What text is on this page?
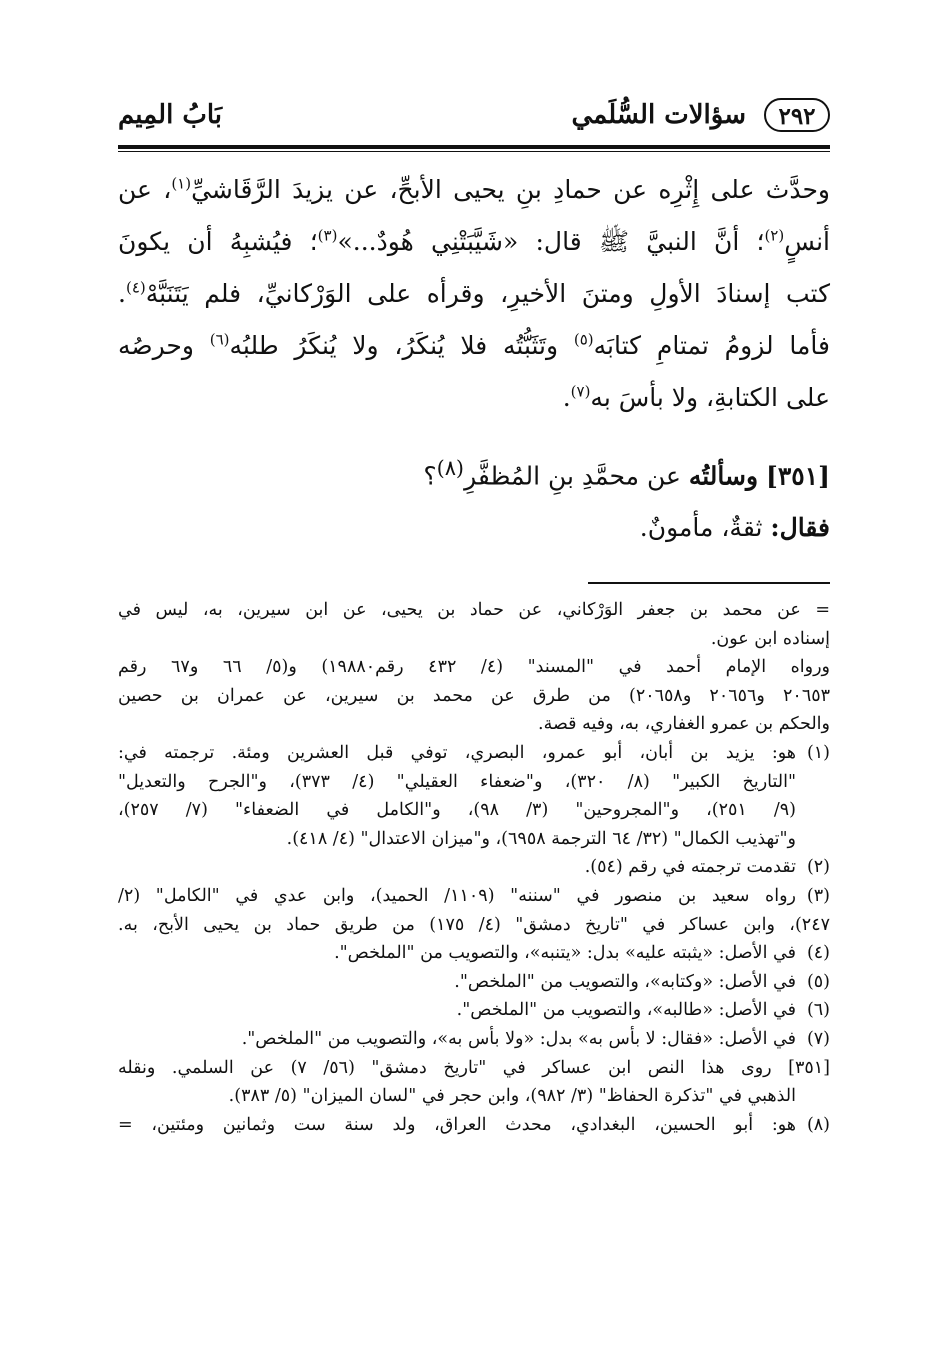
٢٩٢
سؤالات السُّلَمي
بَابُ المِيم
وحدَّث على إِثْرِه عن حمادِ بنِ يحيى الأبحِّ، عن يزيدَ الرَّقَاشيِّ$^{(١)}$، عن
أنسٍ$^{(٢)}$؛ أنَّ النبيَّ ﷺ قال: «شَيَّبَتْنِي هُودٌ...»$^{(٣)}$؛ فيُشبِهُ أن يكونَ
كتب إسنادَ الأولِ ومتنَ الأخيرِ، وقرأه على الوَرْكانيِّ، فلم يَتَنَبَّهْ$^{(٤)}$.
فأما لزومُ تمتامِ كتابَه$^{(٥)}$ وتَثَبُّتُه فلا يُنكَرُ، ولا يُنكَرُ طلبُه$^{(٦)}$ وحرصُه
على الكتابةِ، ولا بأسَ به$^{(٧)}$.
[٣٥١] وسألتُه عن محمَّدِ بنِ المُظفَّرِ$^{(٨)}$؟
فقال: ثقةٌ، مأمونٌ.
= عن محمد بن جعفر الوَرْكاني، عن حماد بن يحيى، عن ابن سيرين، به، ليس في
إسناده ابن عون.
ورواه الإمام أحمد في "المسند" (٤/ ٤٣٢ رقم١٩٨٨٠) و(٥/ ٦٦ و٦٧ رقم
٢٠٦٥٣ و٢٠٦٥٦ و٢٠٦٥٨) من طرق عن محمد بن سيرين، عن عمران بن حصين
والحكم بن عمرو الغفاري، به، وفيه قصة.
(١)هو: يزيد بن أبان، أبو عمرو، البصري، توفي قبل العشرين ومئة. ترجمته في:
"التاريخ الكبير" (٨/ ٣٢٠)، و"ضعفاء العقيلي" (٤/ ٣٧٣)، و"الجرح والتعديل"
(٩/ ٢٥١)، و"المجروحين" (٣/ ٩٨)، و"الكامل في الضعفاء" (٧/ ٢٥٧)،
و"تهذيب الكمال" (٣٢/ ٦٤ الترجمة ٦٩٥٨)، و"ميزان الاعتدال" (٤/ ٤١٨).
(٢)تقدمت ترجمته في رقم (٥٤).
(٣)رواه سعيد بن منصور في "سننه" (١١٠٩/ الحميد)، وابن عدي في "الكامل" (٢/
٢٤٧)، وابن عساكر في "تاريخ دمشق" (٤/ ١٧٥) من طريق حماد بن يحيى الأبح، به.
(٤)في الأصل: «يثبته عليه» بدل: «يتنبه»، والتصويب من "الملخص".
(٥)في الأصل: «وكتابه»، والتصويب من "الملخص".
(٦)في الأصل: «طالبه»، والتصويب من "الملخص".
(٧)في الأصل: «فقال: لا بأس به» بدل: «ولا بأس به»، والتصويب من "الملخص".
[٣٥١] روى هذا النص ابن عساكر في "تاريخ دمشق" (٥٦/ ٧) عن السلمي. ونقله
الذهبي في "تذكرة الحفاظ" (٣/ ٩٨٢)، وابن حجر في "لسان الميزان" (٥/ ٣٨٣).
(٨)هو: أبو الحسين، البغدادي، محدث العراق، ولد سنة ست وثمانين ومئتين، =
